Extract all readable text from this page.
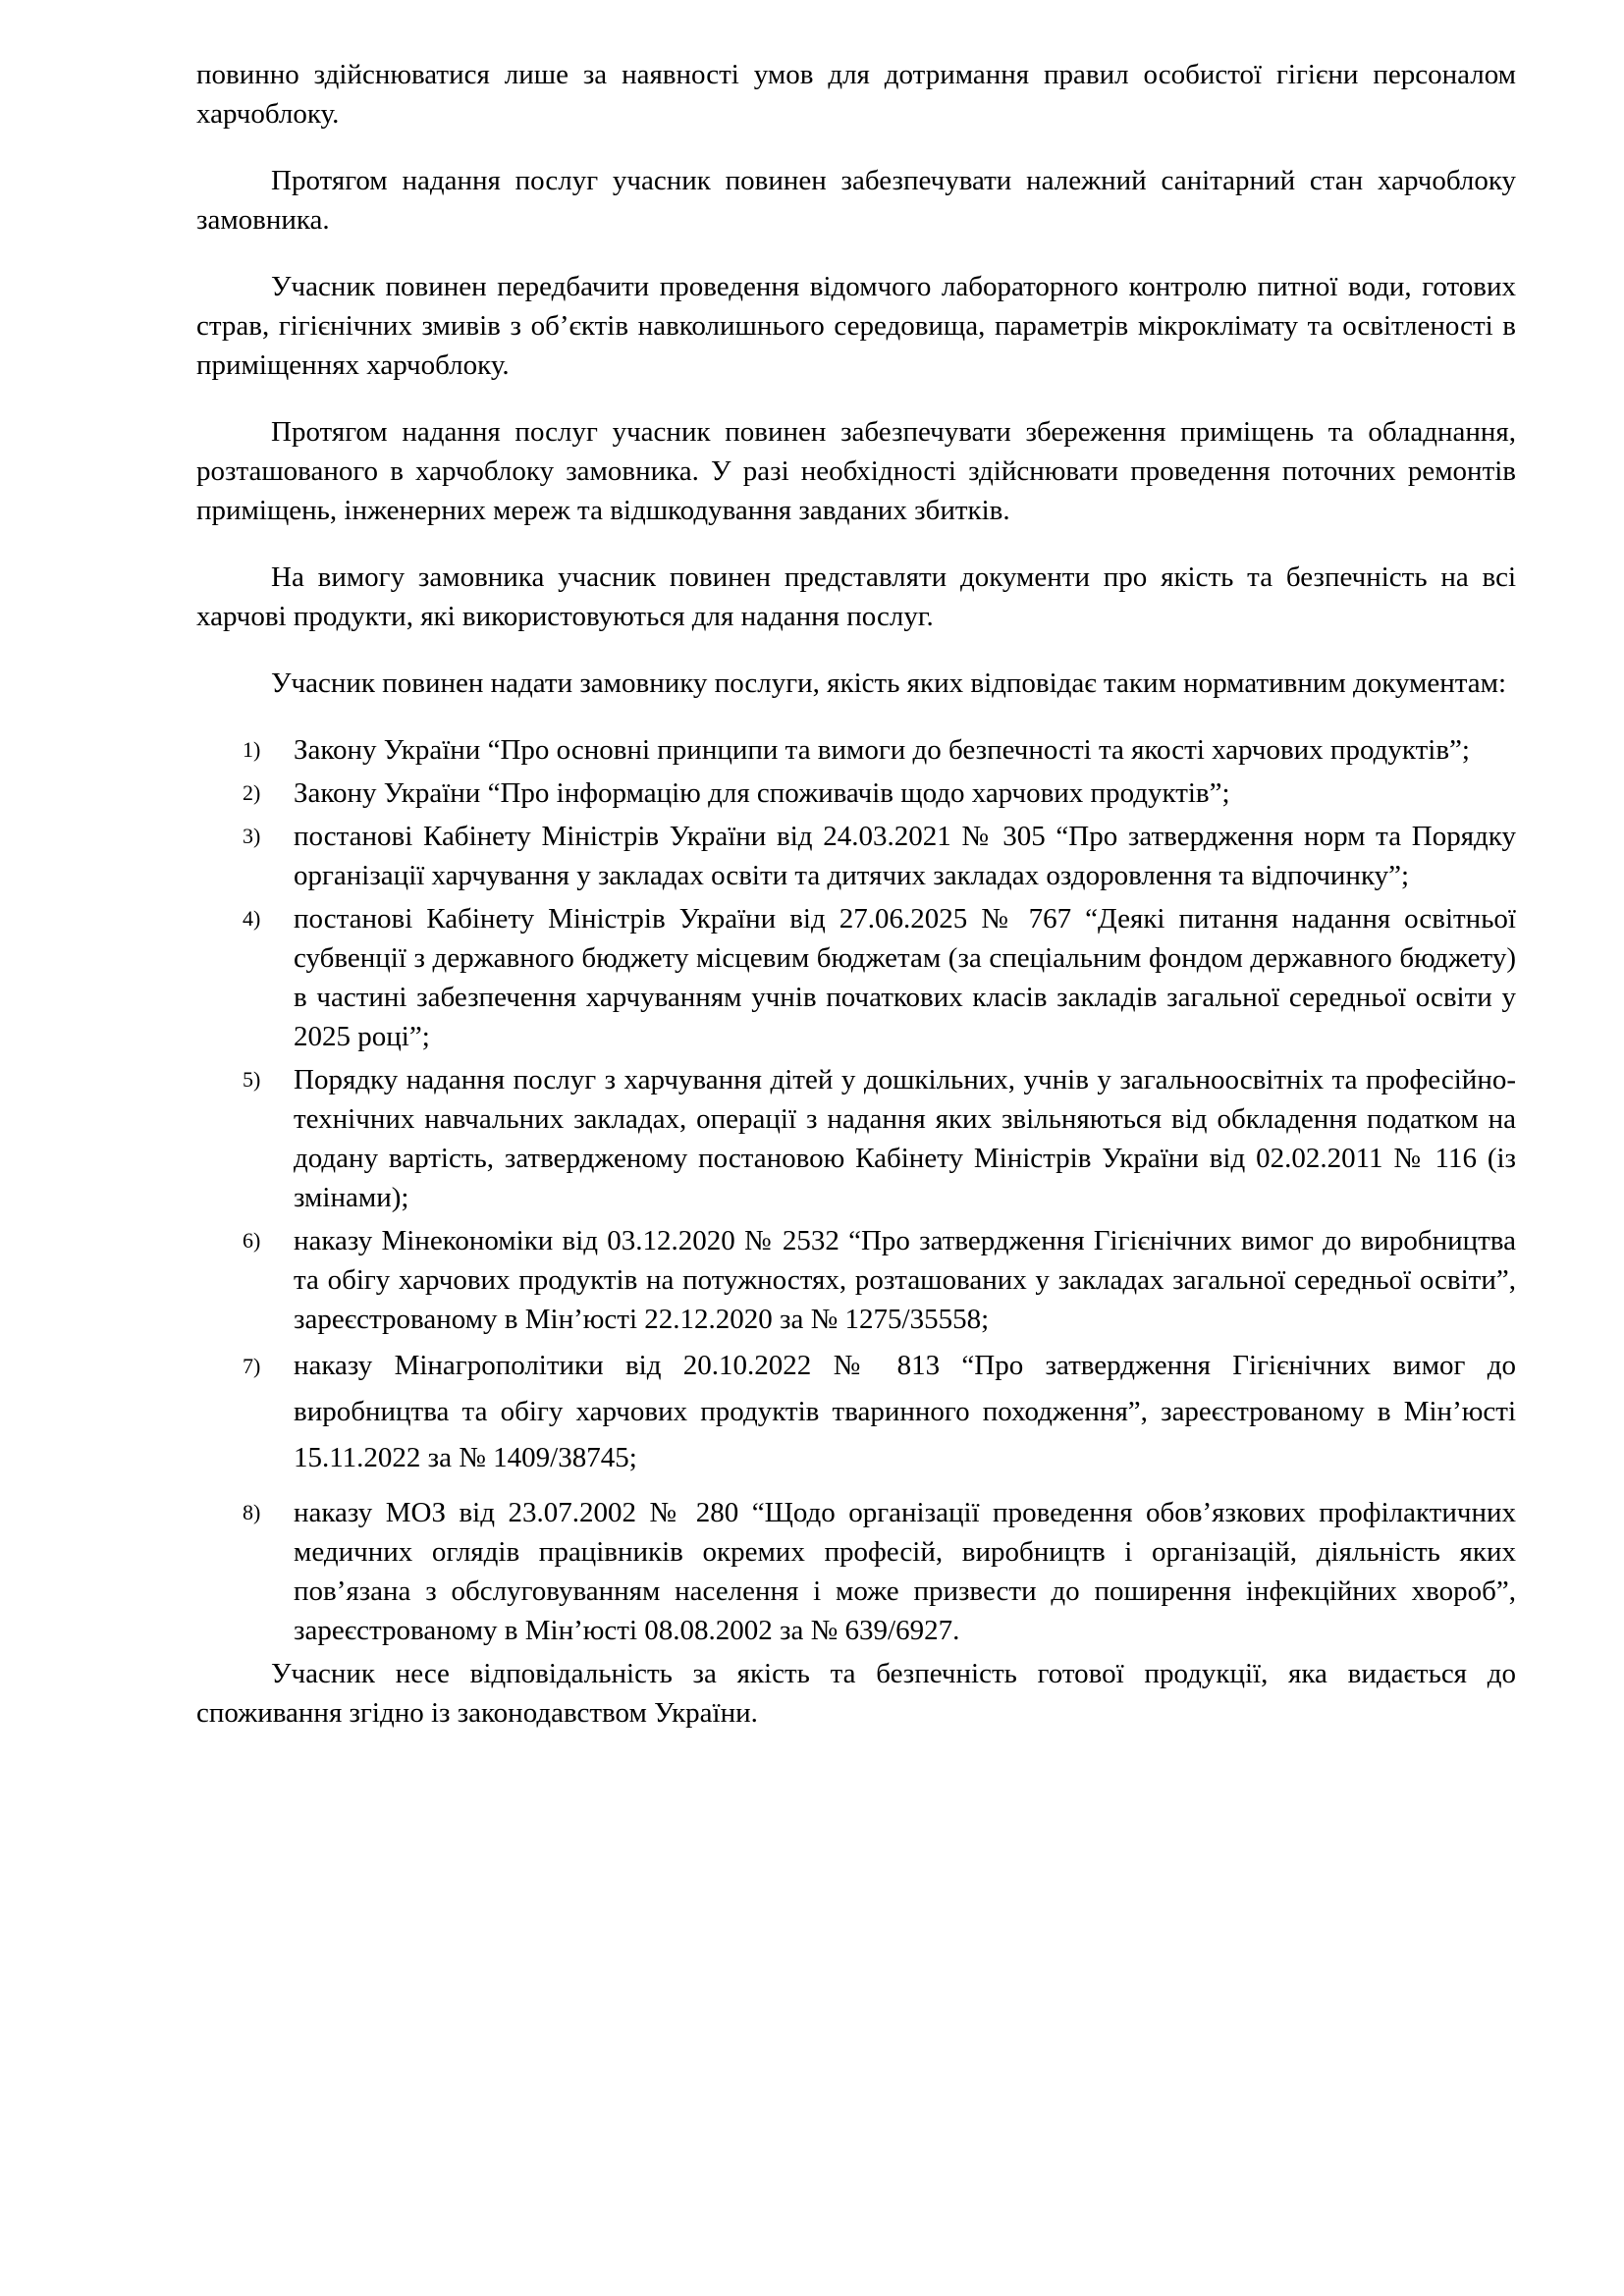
повинно здійснюватися лише за наявності умов для дотримання правил особистої гігієни персоналом харчоблоку.

Протягом надання послуг учасник повинен забезпечувати належний санітарний стан харчоблоку замовника.

Учасник повинен передбачити проведення відомчого лабораторного контролю питної води, готових страв, гігієнічних змивів з об’єктів навколишнього середовища, параметрів мікроклімату та освітленості в приміщеннях харчоблоку.

Протягом надання послуг учасник повинен забезпечувати збереження приміщень та обладнання, розташованого в харчоблоку замовника. У разі необхідності здійснювати проведення поточних ремонтів приміщень, інженерних мереж та відшкодування завданих збитків.

На вимогу замовника учасник повинен представляти документи про якість та безпечність на всі харчові продукти, які використовуються для надання послуг.

Учасник повинен надати замовнику послуги, якість яких відповідає таким нормативним документам:

1)	Закону України “Про основні принципи та вимоги до безпечності та якості харчових продуктів”;
2)	Закону України “Про інформацію для споживачів щодо харчових продуктів”;
3)	постанові Кабінету Міністрів України від 24.03.2021 № 305 “Про затвердження норм та Порядку організації харчування у закладах освіти та дитячих закладах оздоровлення та відпочинку”;
4)	постанові Кабінету Міністрів України від 27.06.2025 № 767 “Деякі питання надання освітньої субвенції з державного бюджету місцевим бюджетам (за спеціальним фондом державного бюджету) в частині забезпечення харчуванням учнів початкових класів закладів загальної середньої освіти у 2025 році”;
5)	Порядку надання послуг з харчування дітей у дошкільних, учнів у загальноосвітніх та професійно-технічних навчальних закладах, операції з надання яких звільняються від обкладення податком на додану вартість, затвердженому постановою Кабінету Міністрів України від 02.02.2011 № 116 (із змінами);
6)	наказу Мінекономіки від 03.12.2020 № 2532 “Про затвердження Гігієнічних вимог до виробництва та обігу харчових продуктів на потужностях, розташованих у закладах загальної середньої освіти”, зареєстрованому в Мін’юсті 22.12.2020 за № 1275/35558;
7)	наказу Мінагрополітики від 20.10.2022 № 813 “Про затвердження Гігієнічних вимог до виробництва та обігу харчових продуктів тваринного походження”, зареєстрованому в Мін’юсті 15.11.2022 за № 1409/38745;
8)	наказу МОЗ від 23.07.2002 № 280 “Щодо організації проведення обов’язкових профілактичних медичних оглядів працівників окремих професій, виробництв і організацій, діяльність яких пов’язана з обслуговуванням населення і може призвести до поширення інфекційних хвороб”, зареєстрованому в Мін’юсті 08.08.2002 за № 639/6927.

Учасник несе відповідальність за якість та безпечність готової продукції, яка видається до споживання згідно із законодавством України.
